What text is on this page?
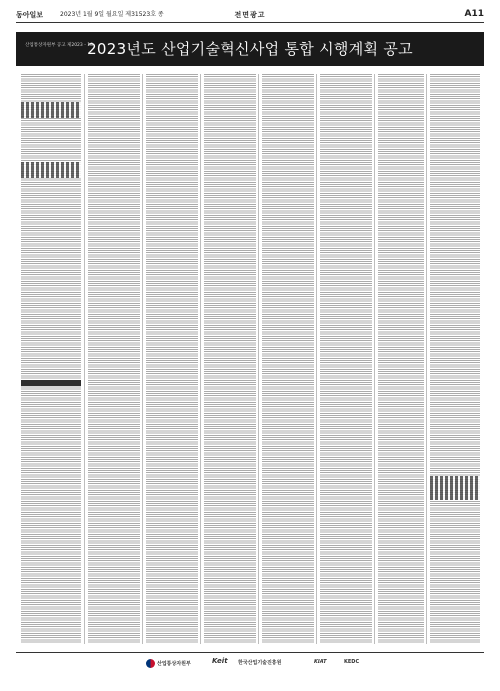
동아일보	2023년 1월 9일 월요일 제31523호 종	전면광고	A11
산업통상자원부 공고 제2023 - 18
2023년도 산업기술혁신사업 통합 시행계획 공고
산업통상자원부	Keit 한국산업기술진흥원	KIAT	KEDC
